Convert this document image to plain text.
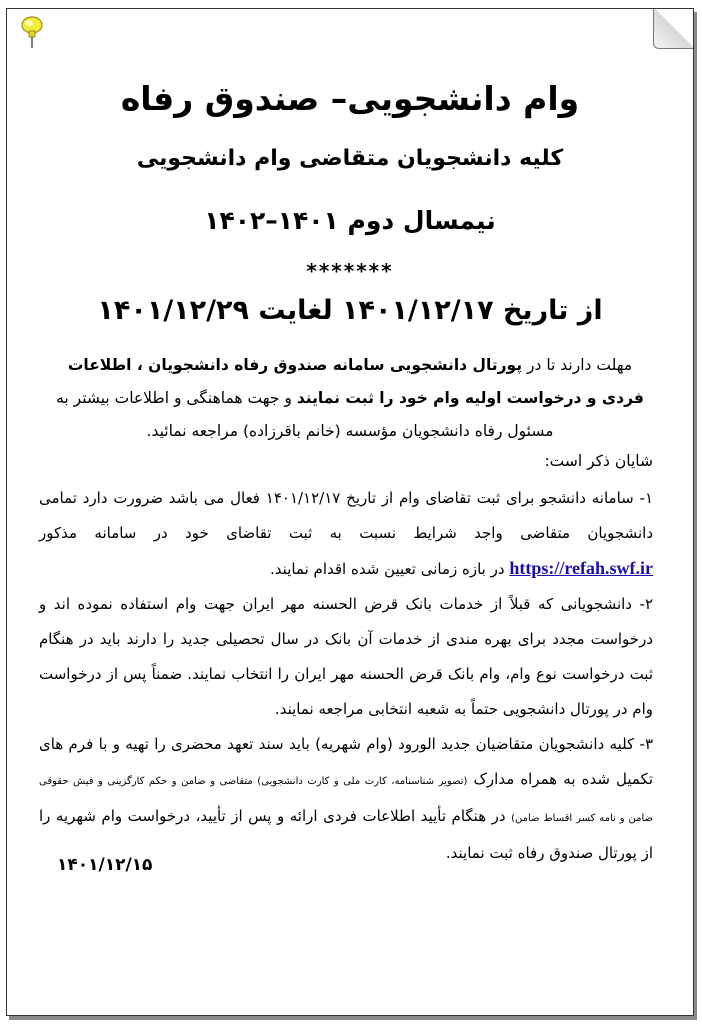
وام دانشجویی– صندوق رفاه
کلیه دانشجویان متقاضی وام دانشجویی
نیمسال دوم ۱۴۰۱–۱۴۰۲
*******
از تاریخ ۱۴۰۱/۱۲/۱۷ لغایت ۱۴۰۱/۱۲/۲۹
مهلت دارند تا در پورتال دانشجویی سامانه صندوق رفاه دانشجویان ، اطلاعات فردی و درخواست اولیه وام خود را ثبت نمایند و جهت هماهنگی و اطلاعات بیشتر به مسئول رفاه دانشجویان مؤسسه (خانم باقرزاده) مراجعه نمائید.
شایان ذکر است:

۱- سامانه دانشجو برای ثبت تقاضای وام از تاریخ ۱۴۰۱/۱۲/۱۷ فعال می باشد ضرورت دارد تمامی دانشجویان متقاضی واجد شرایط نسبت به ثبت تقاضای خود در سامانه مذکور https://refah.swf.ir در بازه زمانی تعیین شده اقدام نمایند.

۲- دانشجویانی که قبلاً از خدمات بانک قرض الحسنه مهر ایران جهت وام استفاده نموده اند و درخواست مجدد برای بهره مندی از خدمات آن بانک در سال تحصیلی جدید را دارند باید در هنگام ثبت درخواست نوع وام، وام بانک قرض الحسنه مهر ایران را انتخاب نمایند. ضمناً پس از درخواست وام در پورتال دانشجویی حتماً به شعبه انتخابی مراجعه نمایند.

۳- کلیه دانشجویان متقاضیان جدید الورود (وام شهریه) باید سند تعهد محضری را تهیه و با فرم های تکمیل شده به همراه مدارک (تصویر شناسنامه، کارت ملی و کارت دانشجویی) متقاضی و ضامن و حکم کارگزینی و فیش حقوقی ضامن و نامه کسر اقساط ضامن) در هنگام تأیید اطلاعات فردی ارائه و پس از تأیید، درخواست وام شهریه را از پورتال صندوق رفاه ثبت نمایند.

۱۴۰۱/۱۲/۱۵
